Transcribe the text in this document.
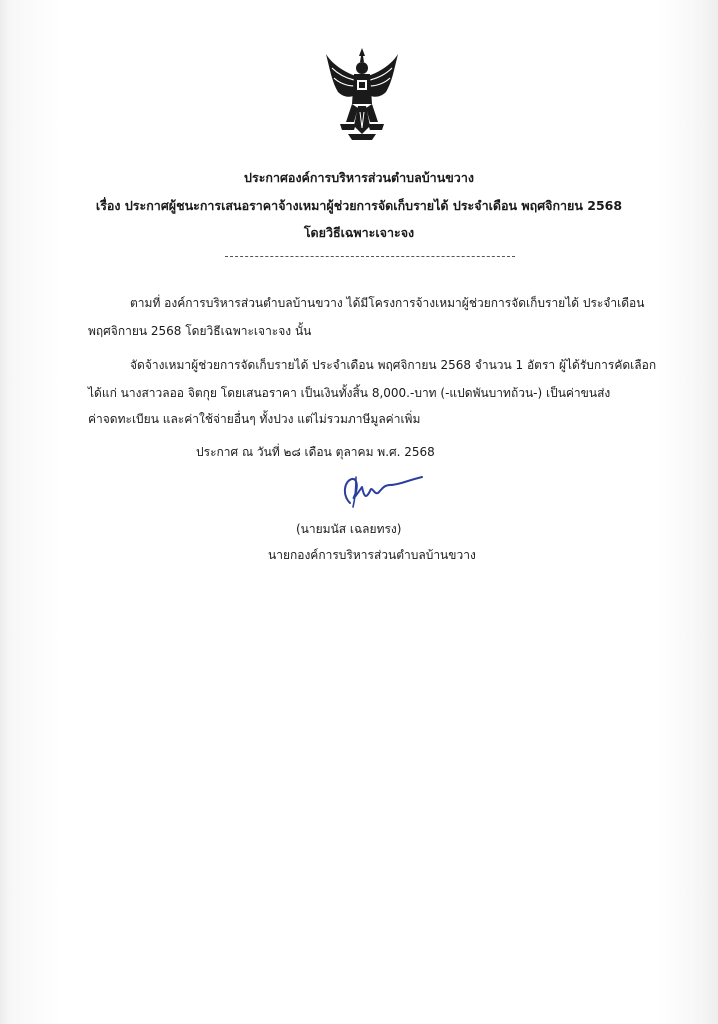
ประกาศองค์การบริหารส่วนตำบลบ้านขวาง
เรื่อง ประกาศผู้ชนะการเสนอราคาจ้างเหมาผู้ช่วยการจัดเก็บรายได้ ประจำเดือน พฤศจิกายน 2568
โดยวิธีเฉพาะเจาะจง
ตามที่ องค์การบริหารส่วนตำบลบ้านขวาง ได้มีโครงการจ้างเหมาผู้ช่วยการจัดเก็บรายได้ ประจำเดือน
พฤศจิกายน 2568 โดยวิธีเฉพาะเจาะจง นั้น
จัดจ้างเหมาผู้ช่วยการจัดเก็บรายได้ ประจำเดือน พฤศจิกายน 2568 จำนวน 1 อัตรา ผู้ได้รับการคัดเลือก
ได้แก่ นางสาวลออ จิตกุย โดยเสนอราคา เป็นเงินทั้งสิ้น 8,000.-บาท (-แปดพันบาทถ้วน-) เป็นค่าขนส่ง
ค่าจดทะเบียน และค่าใช้จ่ายอื่นๆ ทั้งปวง แต่ไม่รวมภาษีมูลค่าเพิ่ม
ประกาศ ณ วันที่ ๒๘ เดือน ตุลาคม พ.ศ. 2568
(นายมนัส เฉลยทรง)
นายกองค์การบริหารส่วนตำบลบ้านขวาง
